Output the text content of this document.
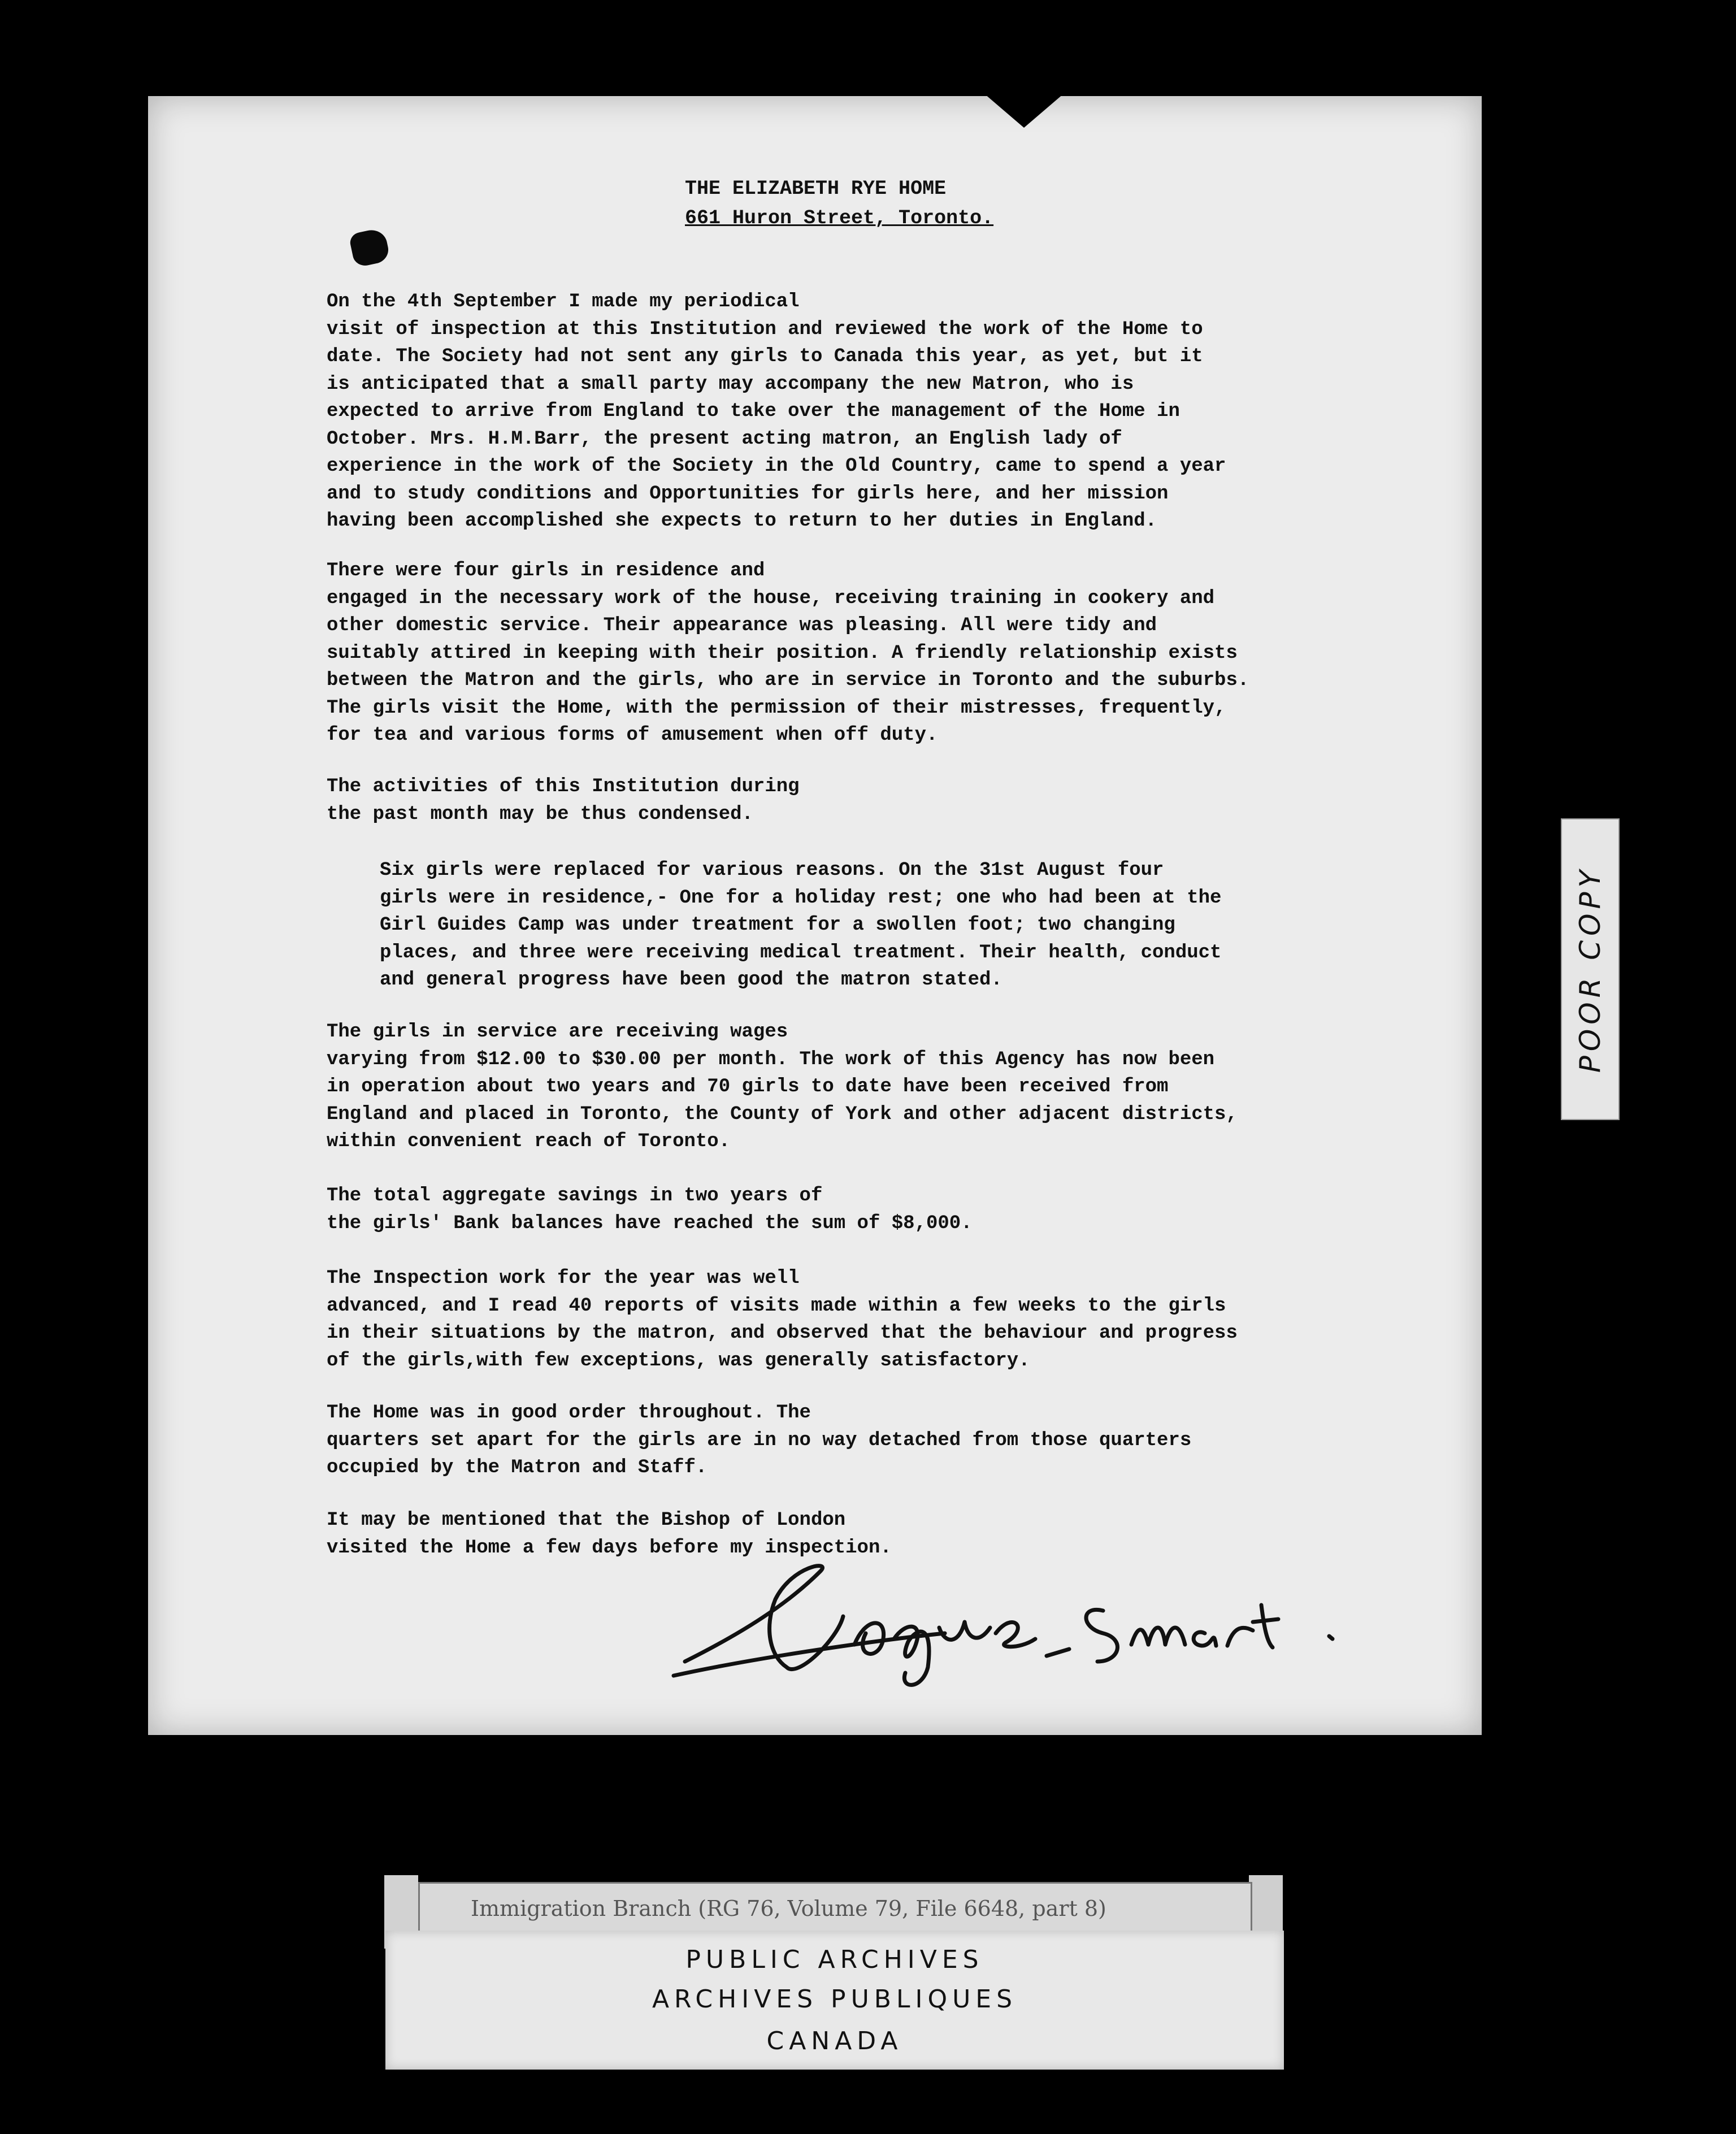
THE ELIZABETH RYE HOME
661 Huron Street, Toronto.

On the 4th September I made my periodical
visit of inspection at this Institution and reviewed the work of the Home to
date. The Society had not sent any girls to Canada this year, as yet, but it
is anticipated that a small party may accompany the new Matron, who is
expected to arrive from England to take over the management of the Home in
October. Mrs. H.M.Barr, the present acting matron, an English lady of
experience in the work of the Society in the Old Country, came to spend a year
and to study conditions and Opportunities for girls here, and her mission
having been accomplished she expects to return to her duties in England.

There were four girls in residence and
engaged in the necessary work of the house, receiving training in cookery and
other domestic service. Their appearance was pleasing. All were tidy and
suitably attired in keeping with their position. A friendly relationship exists
between the Matron and the girls, who are in service in Toronto and the suburbs.
The girls visit the Home, with the permission of their mistresses, frequently,
for tea and various forms of amusement when off duty.

The activities of this Institution during
the past month may be thus condensed.

Six girls were replaced for various reasons. On the 31st August four
girls were in residence,- One for a holiday rest; one who had been at the
Girl Guides Camp was under treatment for a swollen foot; two changing
places, and three were receiving medical treatment. Their health, conduct
and general progress have been good the matron stated.

The girls in service are receiving wages
varying from $12.00 to $30.00 per month. The work of this Agency has now been
in operation about two years and 70 girls to date have been received from
England and placed in Toronto, the County of York and other adjacent districts,
within convenient reach of Toronto.

The total aggregate savings in two years of
the girls' Bank balances have reached the sum of $8,000.

The Inspection work for the year was well
advanced, and I read 40 reports of visits made within a few weeks to the girls
in their situations by the matron, and observed that the behaviour and progress
of the girls,with few exceptions, was generally satisfactory.

The Home was in good order throughout. The
quarters set apart for the girls are in no way detached from those quarters
occupied by the Matron and Staff.

It may be mentioned that the Bishop of London
visited the Home a few days before my inspection.

POOR COPY
Immigration Branch (RG 76, Volume 79, File 6648, part 8)
PUBLIC ARCHIVES
ARCHIVES PUBLIQUES
CANADA
